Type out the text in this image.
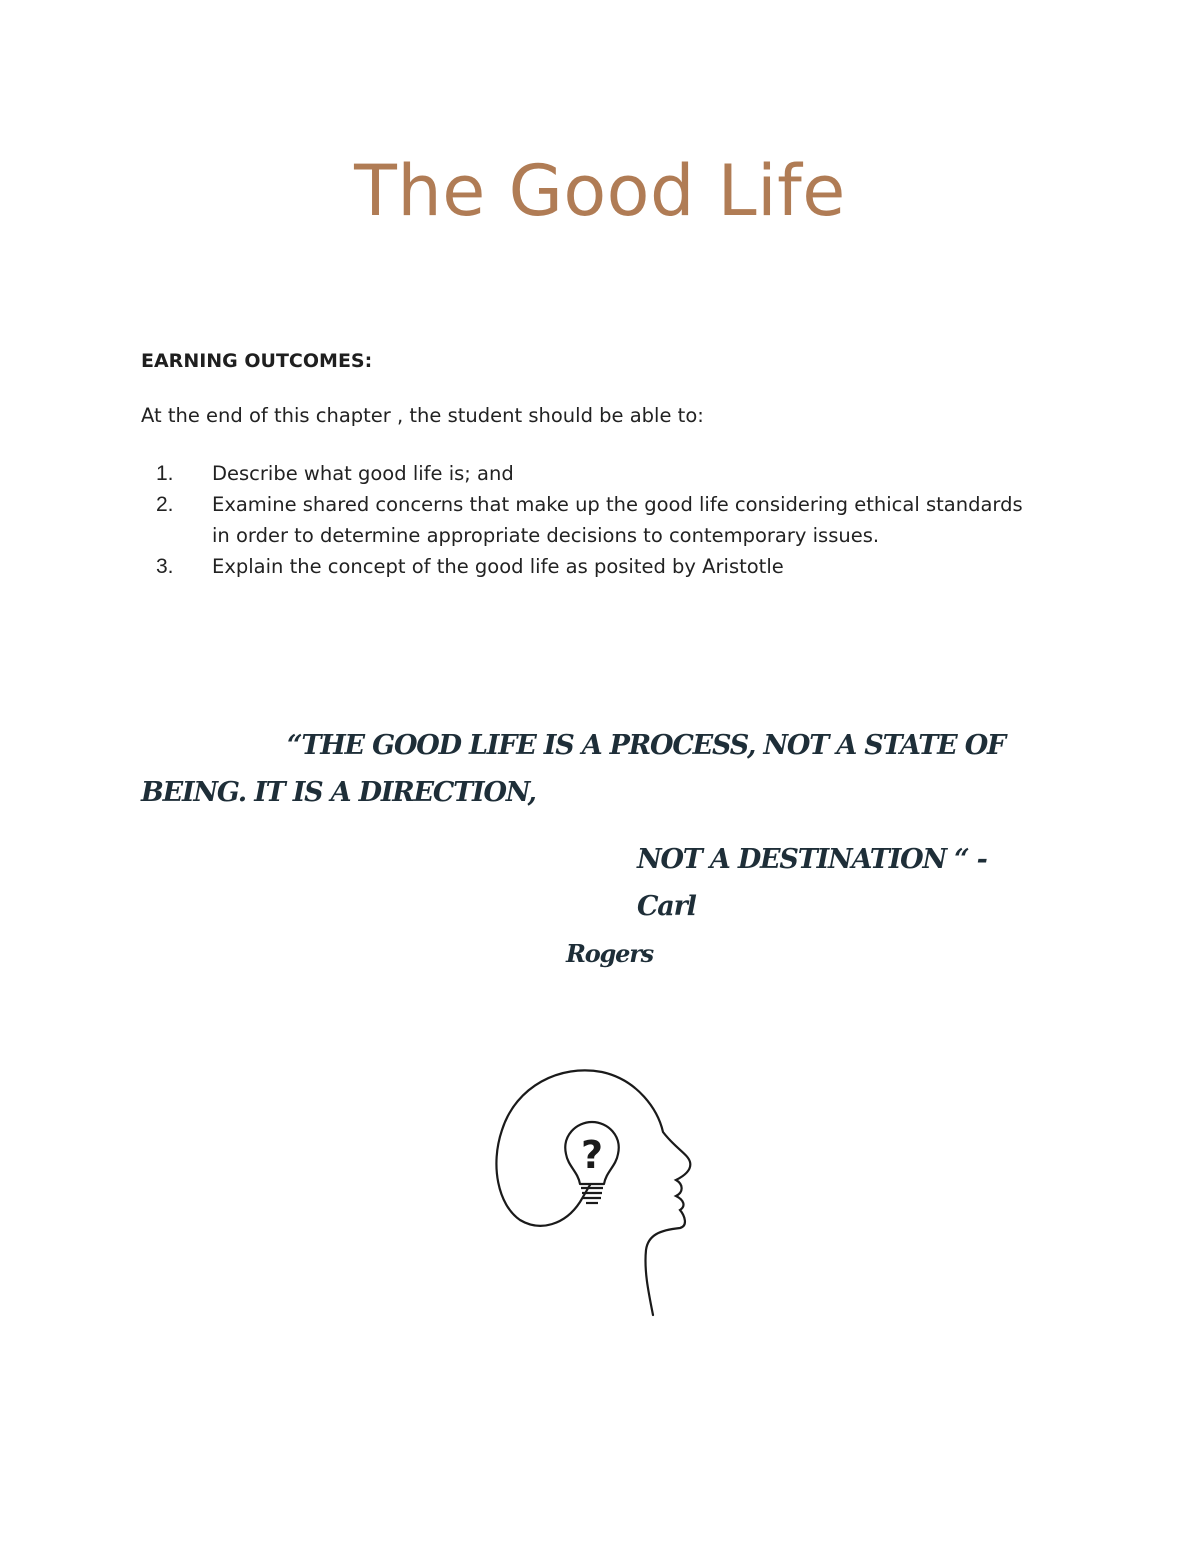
The Good Life
EARNING OUTCOMES:
At the end of this chapter , the student should be able to:
1. Describe what good life is; and
2. Examine shared concerns that make up the good life considering ethical standards in order to determine appropriate decisions to contemporary issues.
3. Explain the concept of the good life as posited by Aristotle
“THE GOOD LIFE IS A PROCESS, NOT A STATE OF
BEING. IT IS A DIRECTION,
NOT A DESTINATION “ -Carl
Rogers
?
